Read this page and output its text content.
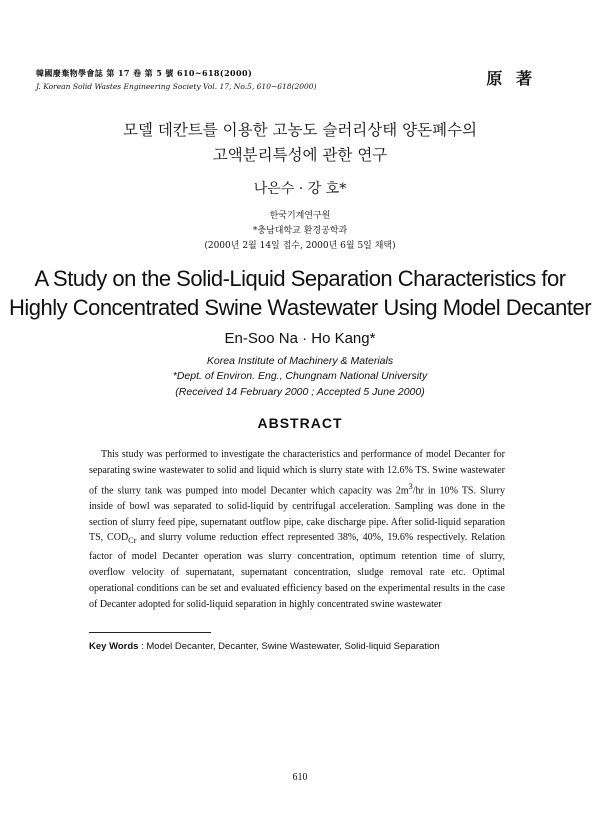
韓國廢棄物學會誌 第 17 卷 第 5 號 610~618(2000)
J. Korean Solid Wastes Engineering Society Vol. 17, No.5, 610~618(2000)	原 著
모델 데칸트를 이용한 고농도 슬러리상태 양돈폐수의
고액분리특성에 관한 연구
나은수 · 강 호*
한국기계연구원
*충남대학교 환경공학과
(2000년 2월 14일 접수, 2000년 6월 5일 채택)
A Study on the Solid-Liquid Separation Characteristics for
Highly Concentrated Swine Wastewater Using Model Decanter
En-Soo Na · Ho Kang*
Korea Institute of Machinery & Materials
*Dept. of Environ. Eng., Chungnam National University
(Received 14 February 2000 ; Accepted 5 June 2000)
ABSTRACT

This study was performed to investigate the characteristics and performance of model Decanter for separating swine wastewater to solid and liquid which is slurry state with 12.6% TS. Swine wastewater of the slurry tank was pumped into model Decanter which capacity was $2m^3/hr$ in 10% TS. Slurry inside of bowl was separated to solid-liquid by centrifugal acceleration. Sampling was done in the section of slurry feed pipe, supernatant outflow pipe, cake discharge pipe. After solid-liquid separation TS, $COD_{Cr}$ and slurry volume reduction effect represented 38%, 40%, 19.6% respectively. Relation factor of model Decanter operation was slurry concentration, optimum retention time of slurry, overflow velocity of supernatant, supernatant concentration, sludge removal rate etc. Optimal operational conditions can be set and evaluated efficiency based on the experimental results in the case of Decanter adopted for solid-liquid separation in highly concentrated swine wastewater

Key Words : Model Decanter, Decanter, Swine Wastewater, Solid-liquid Separation
610
